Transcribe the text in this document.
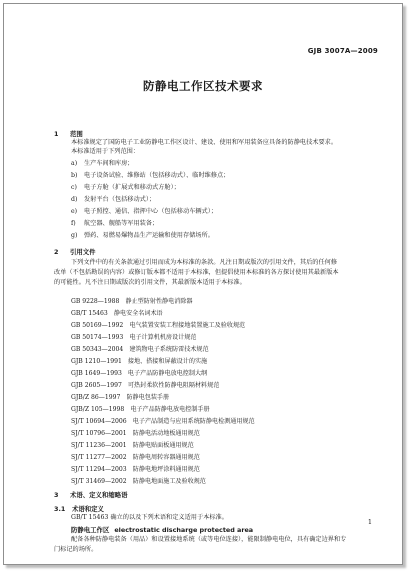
GJB 3007A—2009
防静电工作区技术要求
1 范围
本标准规定了国防电子工业防静电工作区设计、建设、使用和军用装备应具备的防静电技术要求。
本标准适用于下列范围：
a) 生产车间和库房；
b) 电子设备试验、维修站（包括移动式）、临时维修点；
c) 电子方舱（扩展式和移动式方舱）；
d) 发射平台（包括移动式）；
e) 电子照控、通信、指挥中心（包括移动车辆式）；
f) 航空器、舰船等军用装备；
g) 弹药、易燃易爆物品生产运输和使用存储场所。
2 引用文件
下列文件中的有关条款通过引用而成为本标准的条款。凡注日期或版次的引用文件，其后的任何修
改单（不包括勘误的内容）或修订版本都不适用于本标准，但提倡使用本标准的各方探讨使用其最新版本
的可能性。凡不注日期或版次的引用文件，其最新版本适用于本标准。
GB 9228—1988　静止型防射性静电消除器
GB/T 15463　静电安全名词术语
GB 50169—1992　电气装置安装工程接地装置施工及验收规范
GB 50174—1993　电子计算机机房设计规范
GB 50343—2004　建筑物电子系统防雷技术规范
GJB 1210—1991　接地、搭接和屏蔽设计的实施
GJB 1649—1993　电子产品防静电放电控制大纲
GJB 2605—1997　可热封柔软性防静电阻隔材料规范
GJB/Z 86—1997　防静电包装手册
GJB/Z 105—1998　电子产品防静电放电控制手册
SJ/T 10694—2006　电子产品制造与应用系统防静电检测通用规范
SJ/T 10796—2001　防静电活动地板通用规范
SJ/T 11236—2001　防静电贴面板通用规范
SJ/T 11277—2002　防静电周转容器通用规范
SJ/T 11294—2003　防静电地坪涂料通用规范
SJ/T 31469—2002　防静电地面施工及验收规范
3 术语、定义和缩略语
3.1 术语和定义
GB/T 15463 确立的以及下列术语和定义适用于本标准。
防静电工作区 electrostatic discharge protected area
配备各种防静电装备（用品）和设置接地系统（或等电位连接），能限制静电电位，具有确定边界和专
门标记的场所。
1
